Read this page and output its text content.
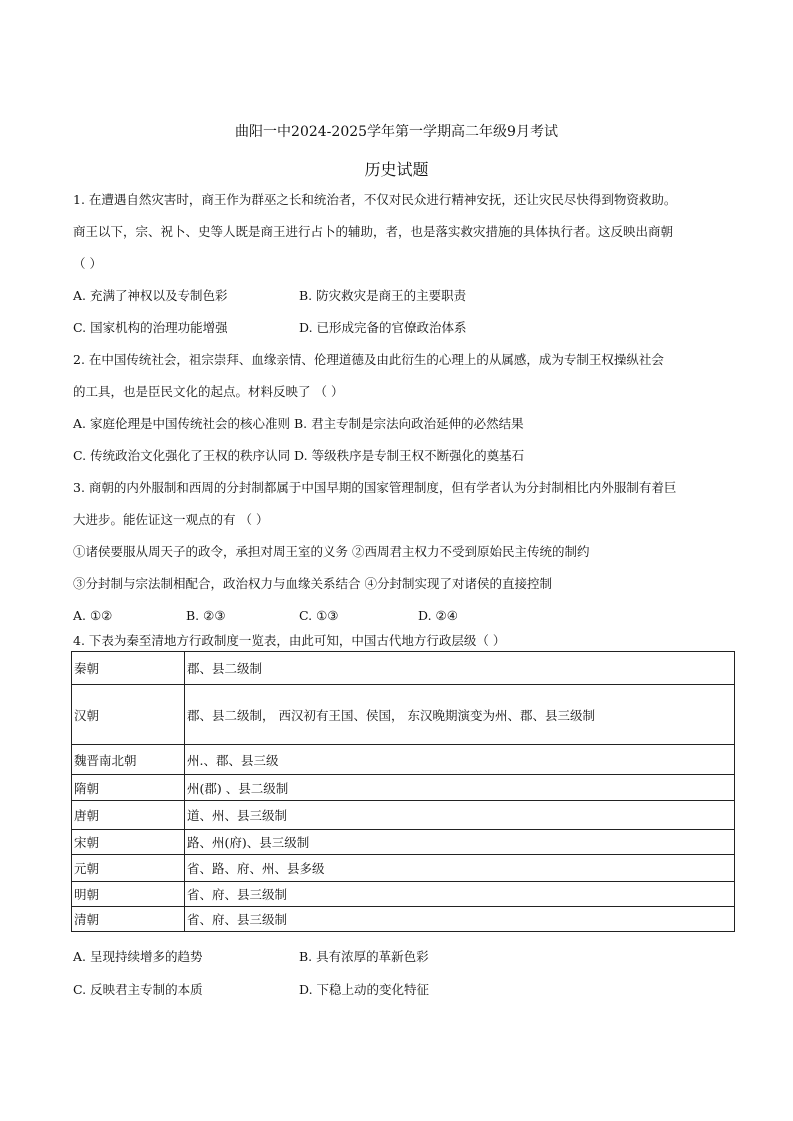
曲阳一中2024-2025学年第一学期高二年级9月考试
历史试题
1. 在遭遇自然灾害时，商王作为群巫之长和统治者，不仅对民众进行精神安抚，还让灾民尽快得到物资救助。
商王以下，宗、祝卜、史等人既是商王进行占卜的辅助，者，也是落实救灾措施的具体执行者。这反映出商朝
（ ）
A. 充满了神权以及专制色彩	B. 防灾救灾是商王的主要职责
C. 国家机构的治理功能增强	D. 已形成完备的官僚政治体系
2. 在中国传统社会，祖宗崇拜、血缘亲情、伦理道德及由此衍生的心理上的从属感，成为专制王权操纵社会
的工具，也是臣民文化的起点。材料反映了 （ ）
A. 家庭伦理是中国传统社会的核心准则 B. 君主专制是宗法向政治延伸的必然结果
C. 传统政治文化强化了王权的秩序认同 D. 等级秩序是专制王权不断强化的奠基石
3. 商朝的内外服制和西周的分封制都属于中国早期的国家管理制度，但有学者认为分封制相比内外服制有着巨
大进步。能佐证这一观点的有 （ ）
①诸侯要服从周天子的政令，承担对周王室的义务 ②西周君主权力不受到原始民主传统的制约
③分封制与宗法制相配合，政治权力与血缘关系结合 ④分封制实现了对诸侯的直接控制
A. ①②	B. ②③	C. ①③	D. ②④
4. 下表为秦至清地方行政制度一览表，由此可知，中国古代地方行政层级（ ）
秦朝	郡、县二级制
汉朝	郡、县二级制， 西汉初有王国、侯国， 东汉晚期演变为州、郡、县三级制
魏晋南北朝	州.、郡、县三级
隋朝	州(郡) 、县二级制
唐朝	道、州、县三级制
宋朝	路、州(府)、县三级制
元朝	省、路、府、州、县多级
明朝	省、府、县三级制
清朝	省、府、县三级制
A. 呈现持续增多的趋势	B. 具有浓厚的革新色彩
C. 反映君主专制的本质	D. 下稳上动的变化特征
